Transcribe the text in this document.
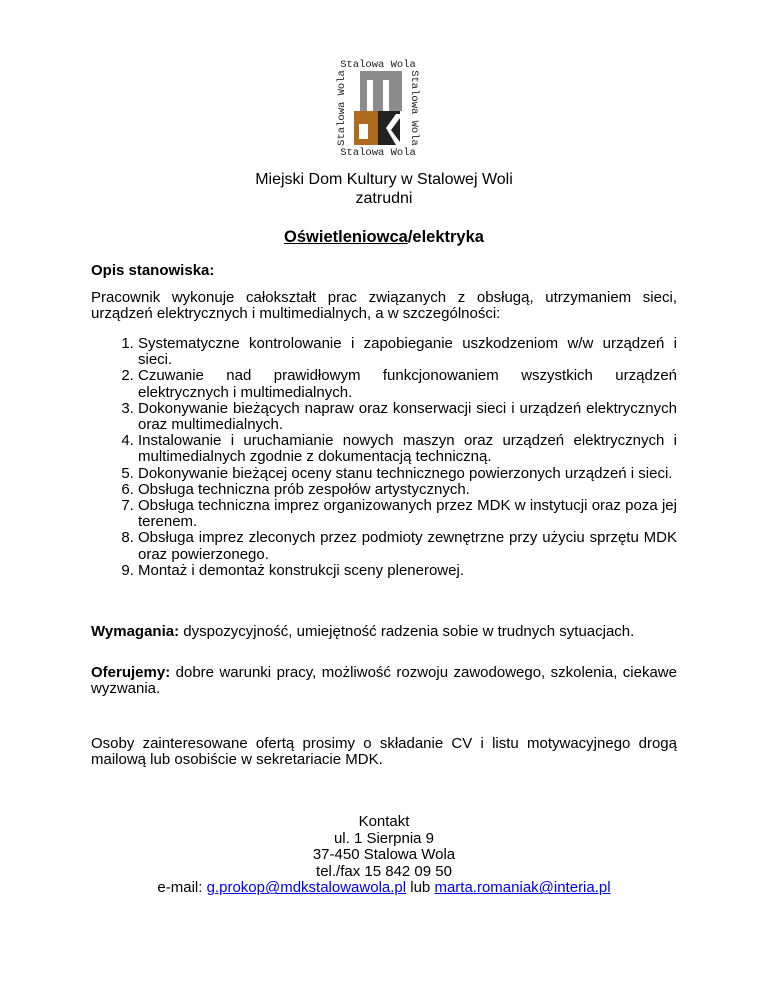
Stalowa Wola
Stalowa Wola
Stalowa Wola	Stalowa Wola
Miejski Dom Kultury w Stalowej Woli
zatrudni
Oświetleniowca/elektryka
Opis stanowiska:
Pracownik wykonuje całokształt prac związanych z obsługą, utrzymaniem sieci, urządzeń elektrycznych i multimedialnych, a w szczególności:
1. Systematyczne kontrolowanie i zapobieganie uszkodzeniom w/w urządzeń i sieci.
2. Czuwanie nad prawidłowym funkcjonowaniem wszystkich urządzeń elektrycznych i multimedialnych.
3. Dokonywanie bieżących napraw oraz konserwacji sieci i urządzeń elektrycznych oraz multimedialnych.
4. Instalowanie i uruchamianie nowych maszyn oraz urządzeń elektrycznych i multimedialnych zgodnie z dokumentacją techniczną.
5. Dokonywanie bieżącej oceny stanu technicznego powierzonych urządzeń i sieci.
6. Obsługa techniczna prób zespołów artystycznych.
7. Obsługa techniczna imprez organizowanych przez MDK w instytucji oraz poza jej terenem.
8. Obsługa imprez zleconych przez podmioty zewnętrzne przy użyciu sprzętu MDK oraz powierzonego.
9. Montaż i demontaż konstrukcji sceny plenerowej.
Wymagania: dyspozycyjność, umiejętność radzenia sobie w trudnych sytuacjach.
Oferujemy: dobre warunki pracy, możliwość rozwoju zawodowego, szkolenia, ciekawe wyzwania.
Osoby zainteresowane ofertą prosimy o składanie CV i listu motywacyjnego drogą mailową lub osobiście w sekretariacie MDK.
Kontakt
ul. 1 Sierpnia 9
37-450 Stalowa Wola
tel./fax 15 842 09 50
e-mail: g.prokop@mdkstalowawola.pl lub marta.romaniak@interia.pl
